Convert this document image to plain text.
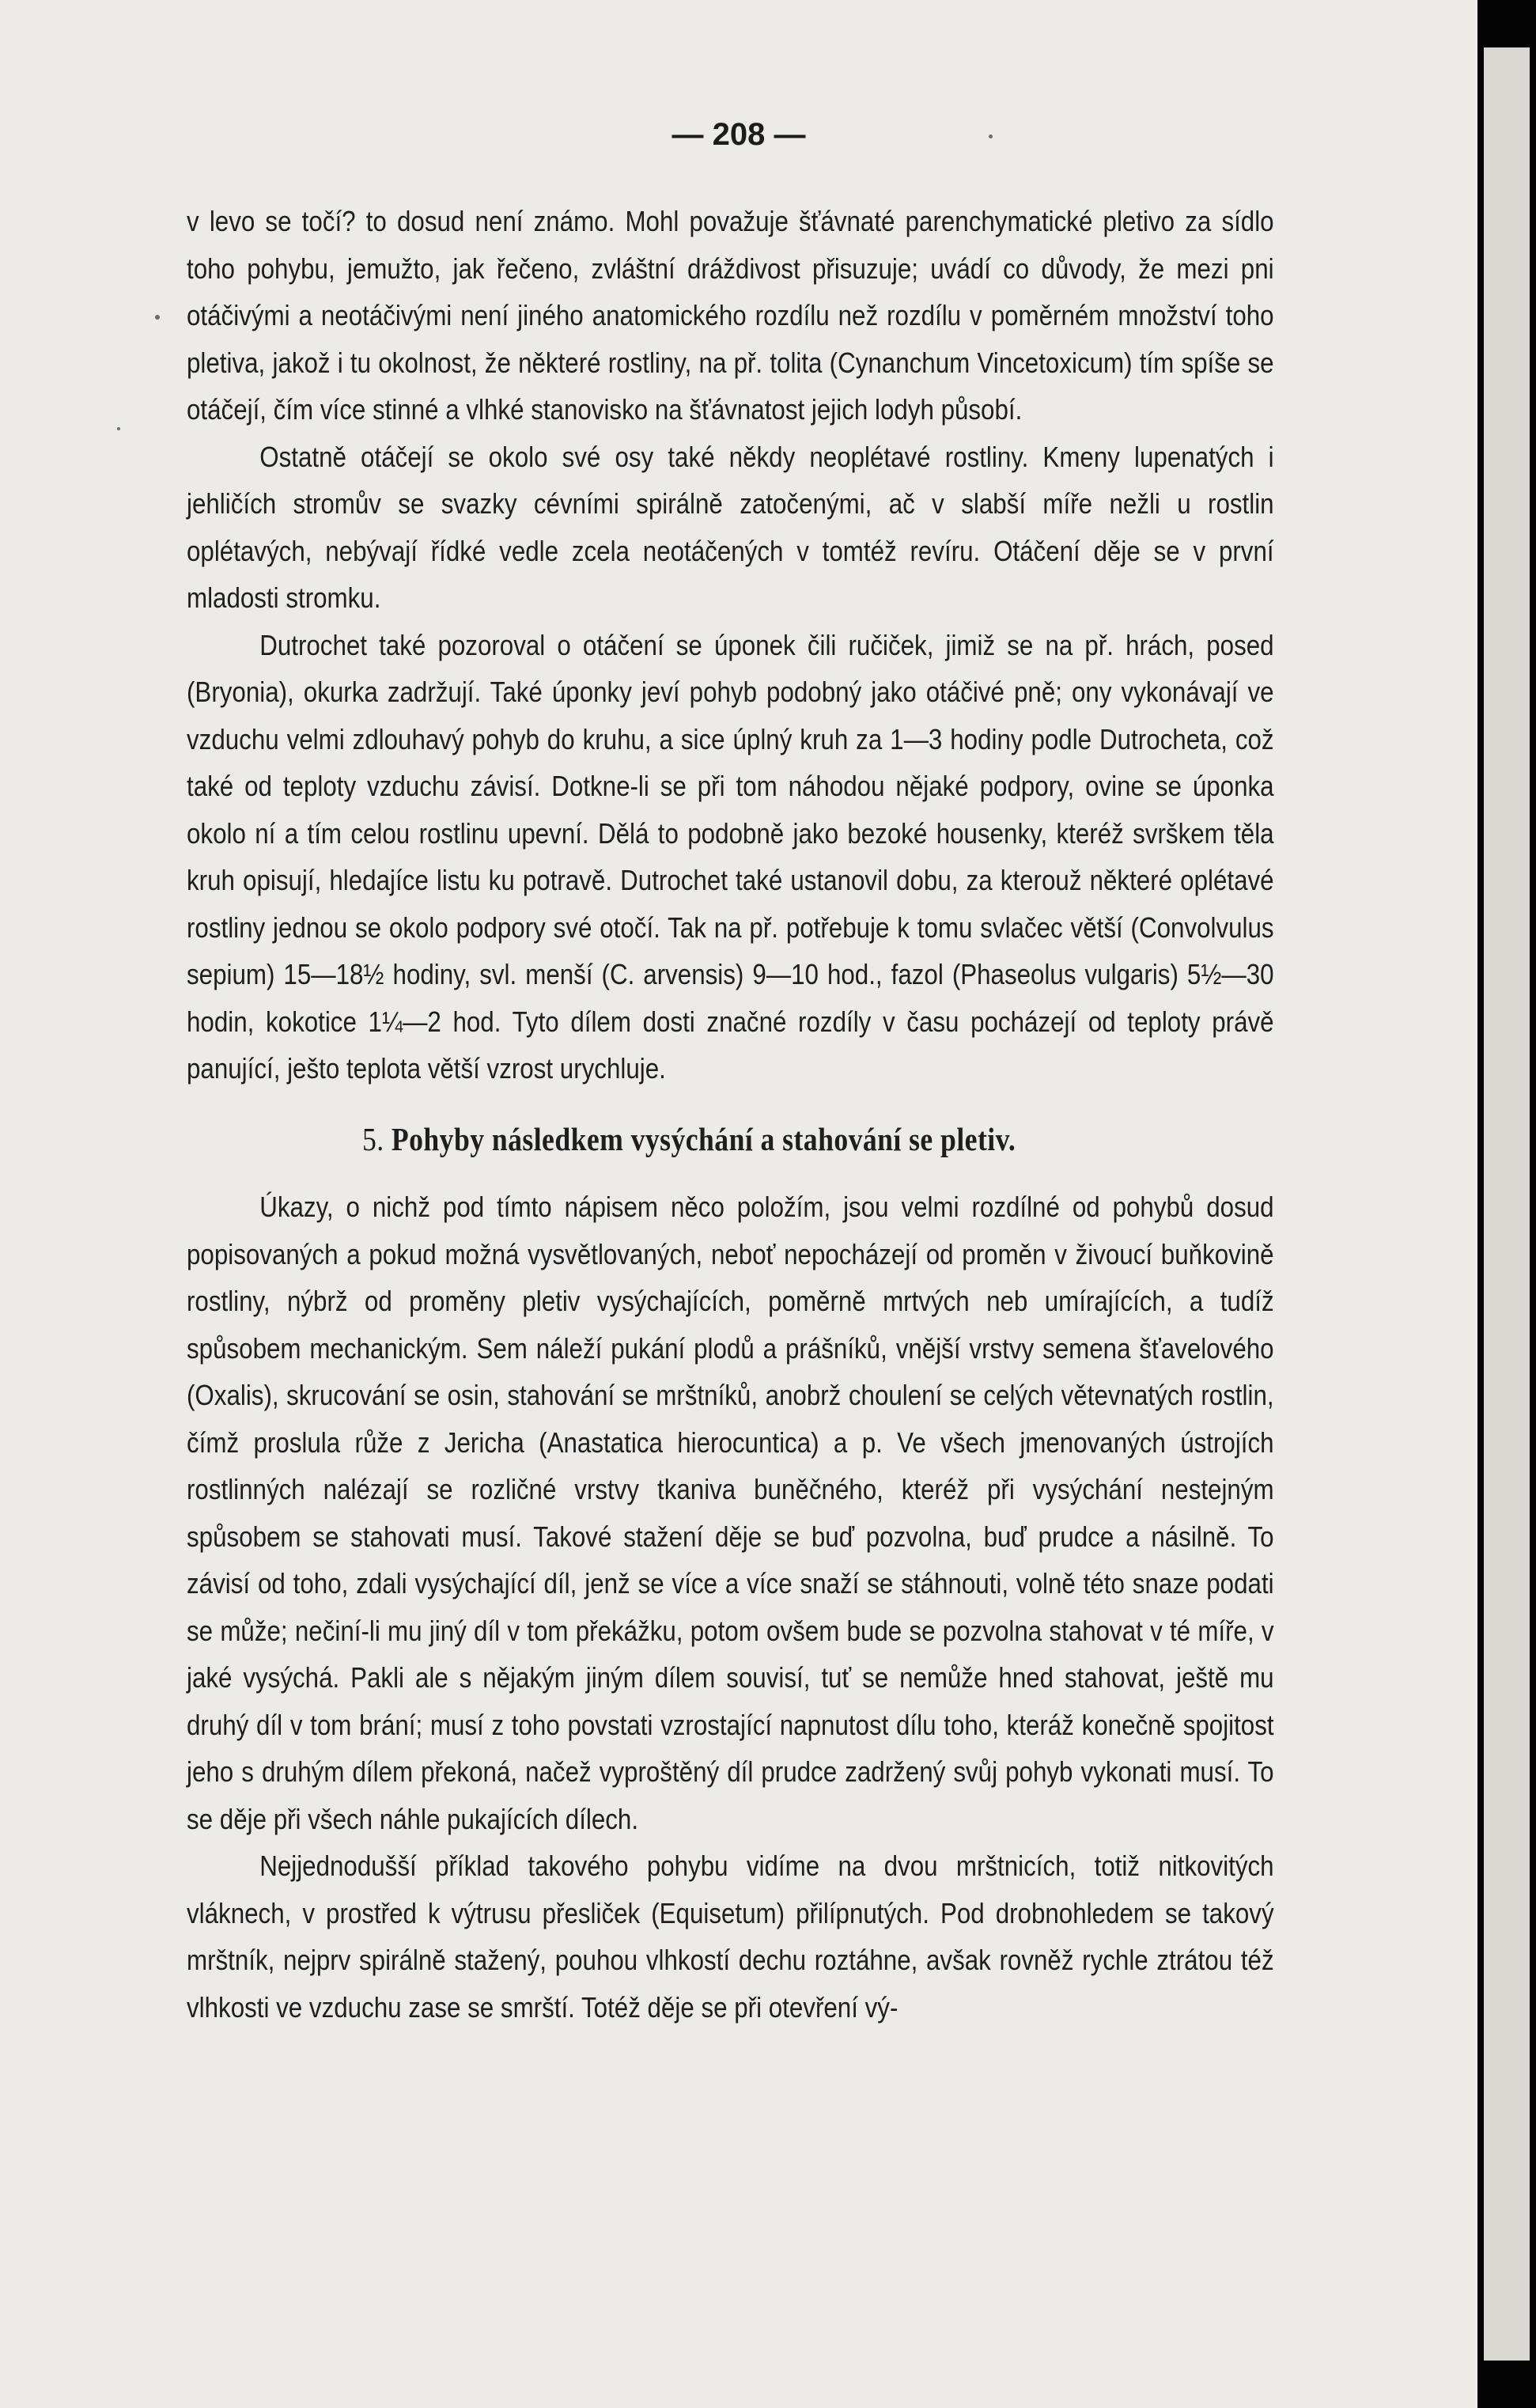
— 208 —

v levo se točí? to dosud není známo. Mohl považuje šťávnaté parenchymatické pletivo za sídlo toho pohybu, jemužto, jak řečeno, zvláštní dráždivost přisuzuje; uvádí co důvody, že mezi pni otáčivými a neotáčivými není jiného anatomického rozdílu než rozdílu v poměrném množství toho pletiva, jakož i tu okolnost, že některé rostliny, na př. tolita (Cynanchum Vincetoxicum) tím spíše se otáčejí, čím více stinné a vlhké stanovisko na šťávnatost jejich lodyh působí.

Ostatně otáčejí se okolo své osy také někdy neoplétavé rostliny. Kmeny lupenatých i jehličích stromův se svazky cévními spirálně zatočenými, ač v slabší míře nežli u rostlin oplétavých, nebývají řídké vedle zcela neotáčených v tomtéž revíru. Otáčení děje se v první mladosti stromku.

Dutrochet také pozoroval o otáčení se úponek čili ručiček, jimiž se na př. hrách, posed (Bryonia), okurka zadržují. Také úponky jeví pohyb podobný jako otáčivé pně; ony vykonávají ve vzduchu velmi zdlouhavý pohyb do kruhu, a sice úplný kruh za 1—3 hodiny podle Dutrocheta, což také od teploty vzduchu závisí. Dotkne-li se při tom náhodou nějaké podpory, ovine se úponka okolo ní a tím celou rostlinu upevní. Dělá to podobně jako bezoké housenky, kteréž svrškem těla kruh opisují, hledajíce listu ku potravě. Dutrochet také ustanovil dobu, za kterouž některé oplétavé rostliny jednou se okolo podpory své otočí. Tak na př. potřebuje k tomu svlačec větší (Convolvulus sepium) 15—18½ hodiny, svl. menší (C. arvensis) 9—10 hod., fazol (Phaseolus vulgaris) 5½—30 hodin, kokotice 1¼—2 hod. Tyto dílem dosti značné rozdíly v času pocházejí od teploty právě panující, ješto teplota větší vzrost urychluje.

5. Pohyby následkem vysýchání a stahování se pletiv.

Úkazy, o nichž pod tímto nápisem něco položím, jsou velmi rozdílné od pohybů dosud popisovaných a pokud možná vysvětlovaných, neboť nepocházejí od proměn v živoucí buňkovině rostliny, nýbrž od proměny pletiv vysýchajících, poměrně mrtvých neb umírajících, a tudíž spůsobem mechanickým. Sem náleží pukání plodů a prášníků, vnější vrstvy semena šťavelového (Oxalis), skrucování se osin, stahování se mrštníků, anobrž choulení se celých větevnatých rostlin, čímž proslula růže z Jericha (Anastatica hierocuntica) a p. Ve všech jmenovaných ústrojích rostlinných nalézají se rozličné vrstvy tkaniva buněčného, kteréž při vysýchání nestejným spůsobem se stahovati musí. Takové stažení děje se buď pozvolna, buď prudce a násilně. To závisí od toho, zdali vysýchající díl, jenž se více a více snaží se stáhnouti, volně této snaze podati se může; nečiní-li mu jiný díl v tom překážku, potom ovšem bude se pozvolna stahovat v té míře, v jaké vysýchá. Pakli ale s nějakým jiným dílem souvisí, tuť se nemůže hned stahovat, ještě mu druhý díl v tom brání; musí z toho povstati vzrostající napnutost dílu toho, kteráž konečně spojitost jeho s druhým dílem překoná, načež vyproštěný díl prudce zadržený svůj pohyb vykonati musí. To se děje při všech náhle pukajících dílech.

Nejjednodušší příklad takového pohybu vidíme na dvou mrštnicích, totiž nitkovitých vláknech, v prostřed k výtrusu přesliček (Equisetum) přilípnutých. Pod drobnohledem se takový mrštník, nejprv spirálně stažený, pouhou vlhkostí dechu roztáhne, avšak rovněž rychle ztrátou též vlhkosti ve vzduchu zase se smrští. Totéž děje se při otevření vý-
